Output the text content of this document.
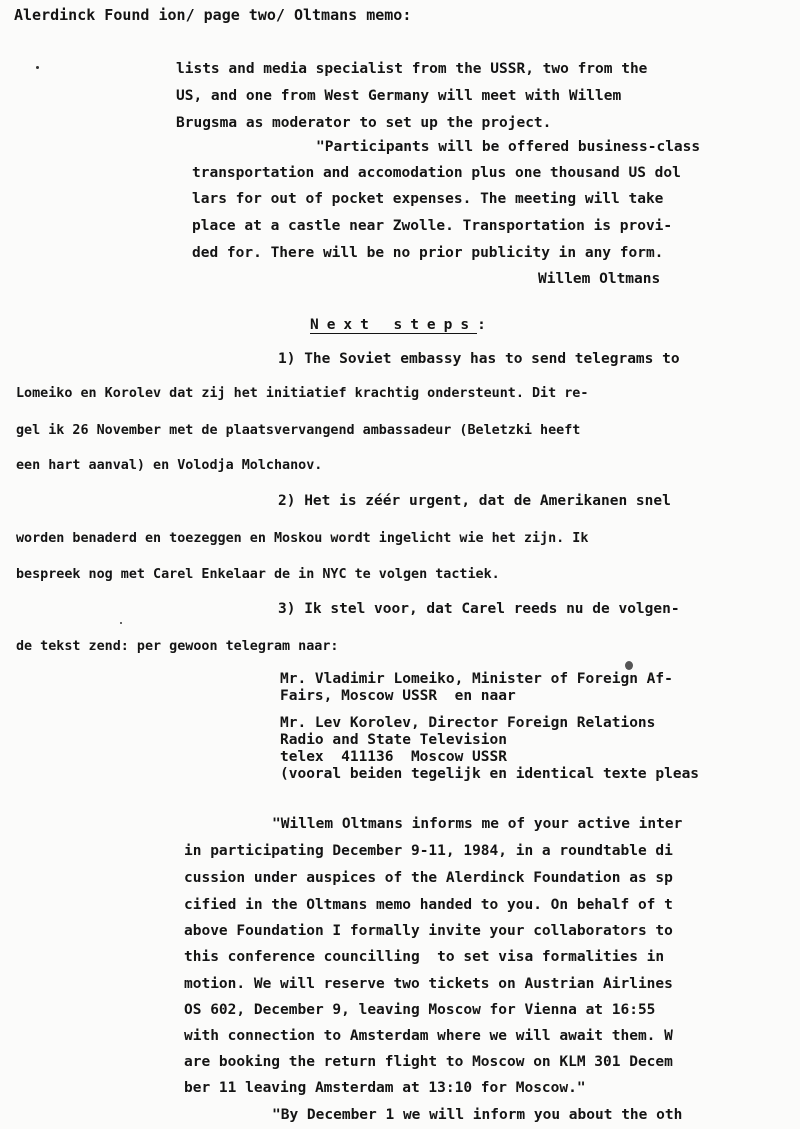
Alerdinck Found ion/ page two/ Oltmans memo:
lists and media specialist from the USSR, two from the
US, and one from West Germany will meet with Willem
Brugsma as moderator to set up the project.
"Participants will be offered business-class
transportation and accomodation plus one thousand US dol
lars for out of pocket expenses. The meeting will take
place at a castle near Zwolle. Transportation is provi-
ded for. There will be no prior publicity in any form.
Willem Oltmans
Next steps:
1) The Soviet embassy has to send telegrams to
Lomeiko en Korolev dat zij het initiatief krachtig ondersteunt. Dit re-
gel ik 26 November met de plaatsvervangend ambassadeur (Beletzki heeft
een hart aanval) en Volodja Molchanov.
2) Het is zéér urgent, dat de Amerikanen snel
worden benaderd en toezeggen en Moskou wordt ingelicht wie het zijn. Ik
bespreek nog met Carel Enkelaar de in NYC te volgen tactiek.
3) Ik stel voor, dat Carel reeds nu de volgen-
de tekst zend: per gewoon telegram naar:
Mr. Vladimir Lomeiko, Minister of Foreign Af-
Fairs, Moscow USSR  en naar
Mr. Lev Korolev, Director Foreign Relations
Radio and State Television
telex  411136  Moscow USSR
(vooral beiden tegelijk en identical texte pleas
"Willem Oltmans informs me of your active inter
in participating December 9-11, 1984, in a roundtable di
cussion under auspices of the Alerdinck Foundation as sp
cified in the Oltmans memo handed to you. On behalf of t
above Foundation I formally invite your collaborators to
this conference councilling  to set visa formalities in
motion. We will reserve two tickets on Austrian Airlines
OS 602, December 9, leaving Moscow for Vienna at 16:55
with connection to Amsterdam where we will await them. W
are booking the return flight to Moscow on KLM 301 Decem
ber 11 leaving Amsterdam at 13:10 for Moscow."
"By December 1 we will inform you about the oth
